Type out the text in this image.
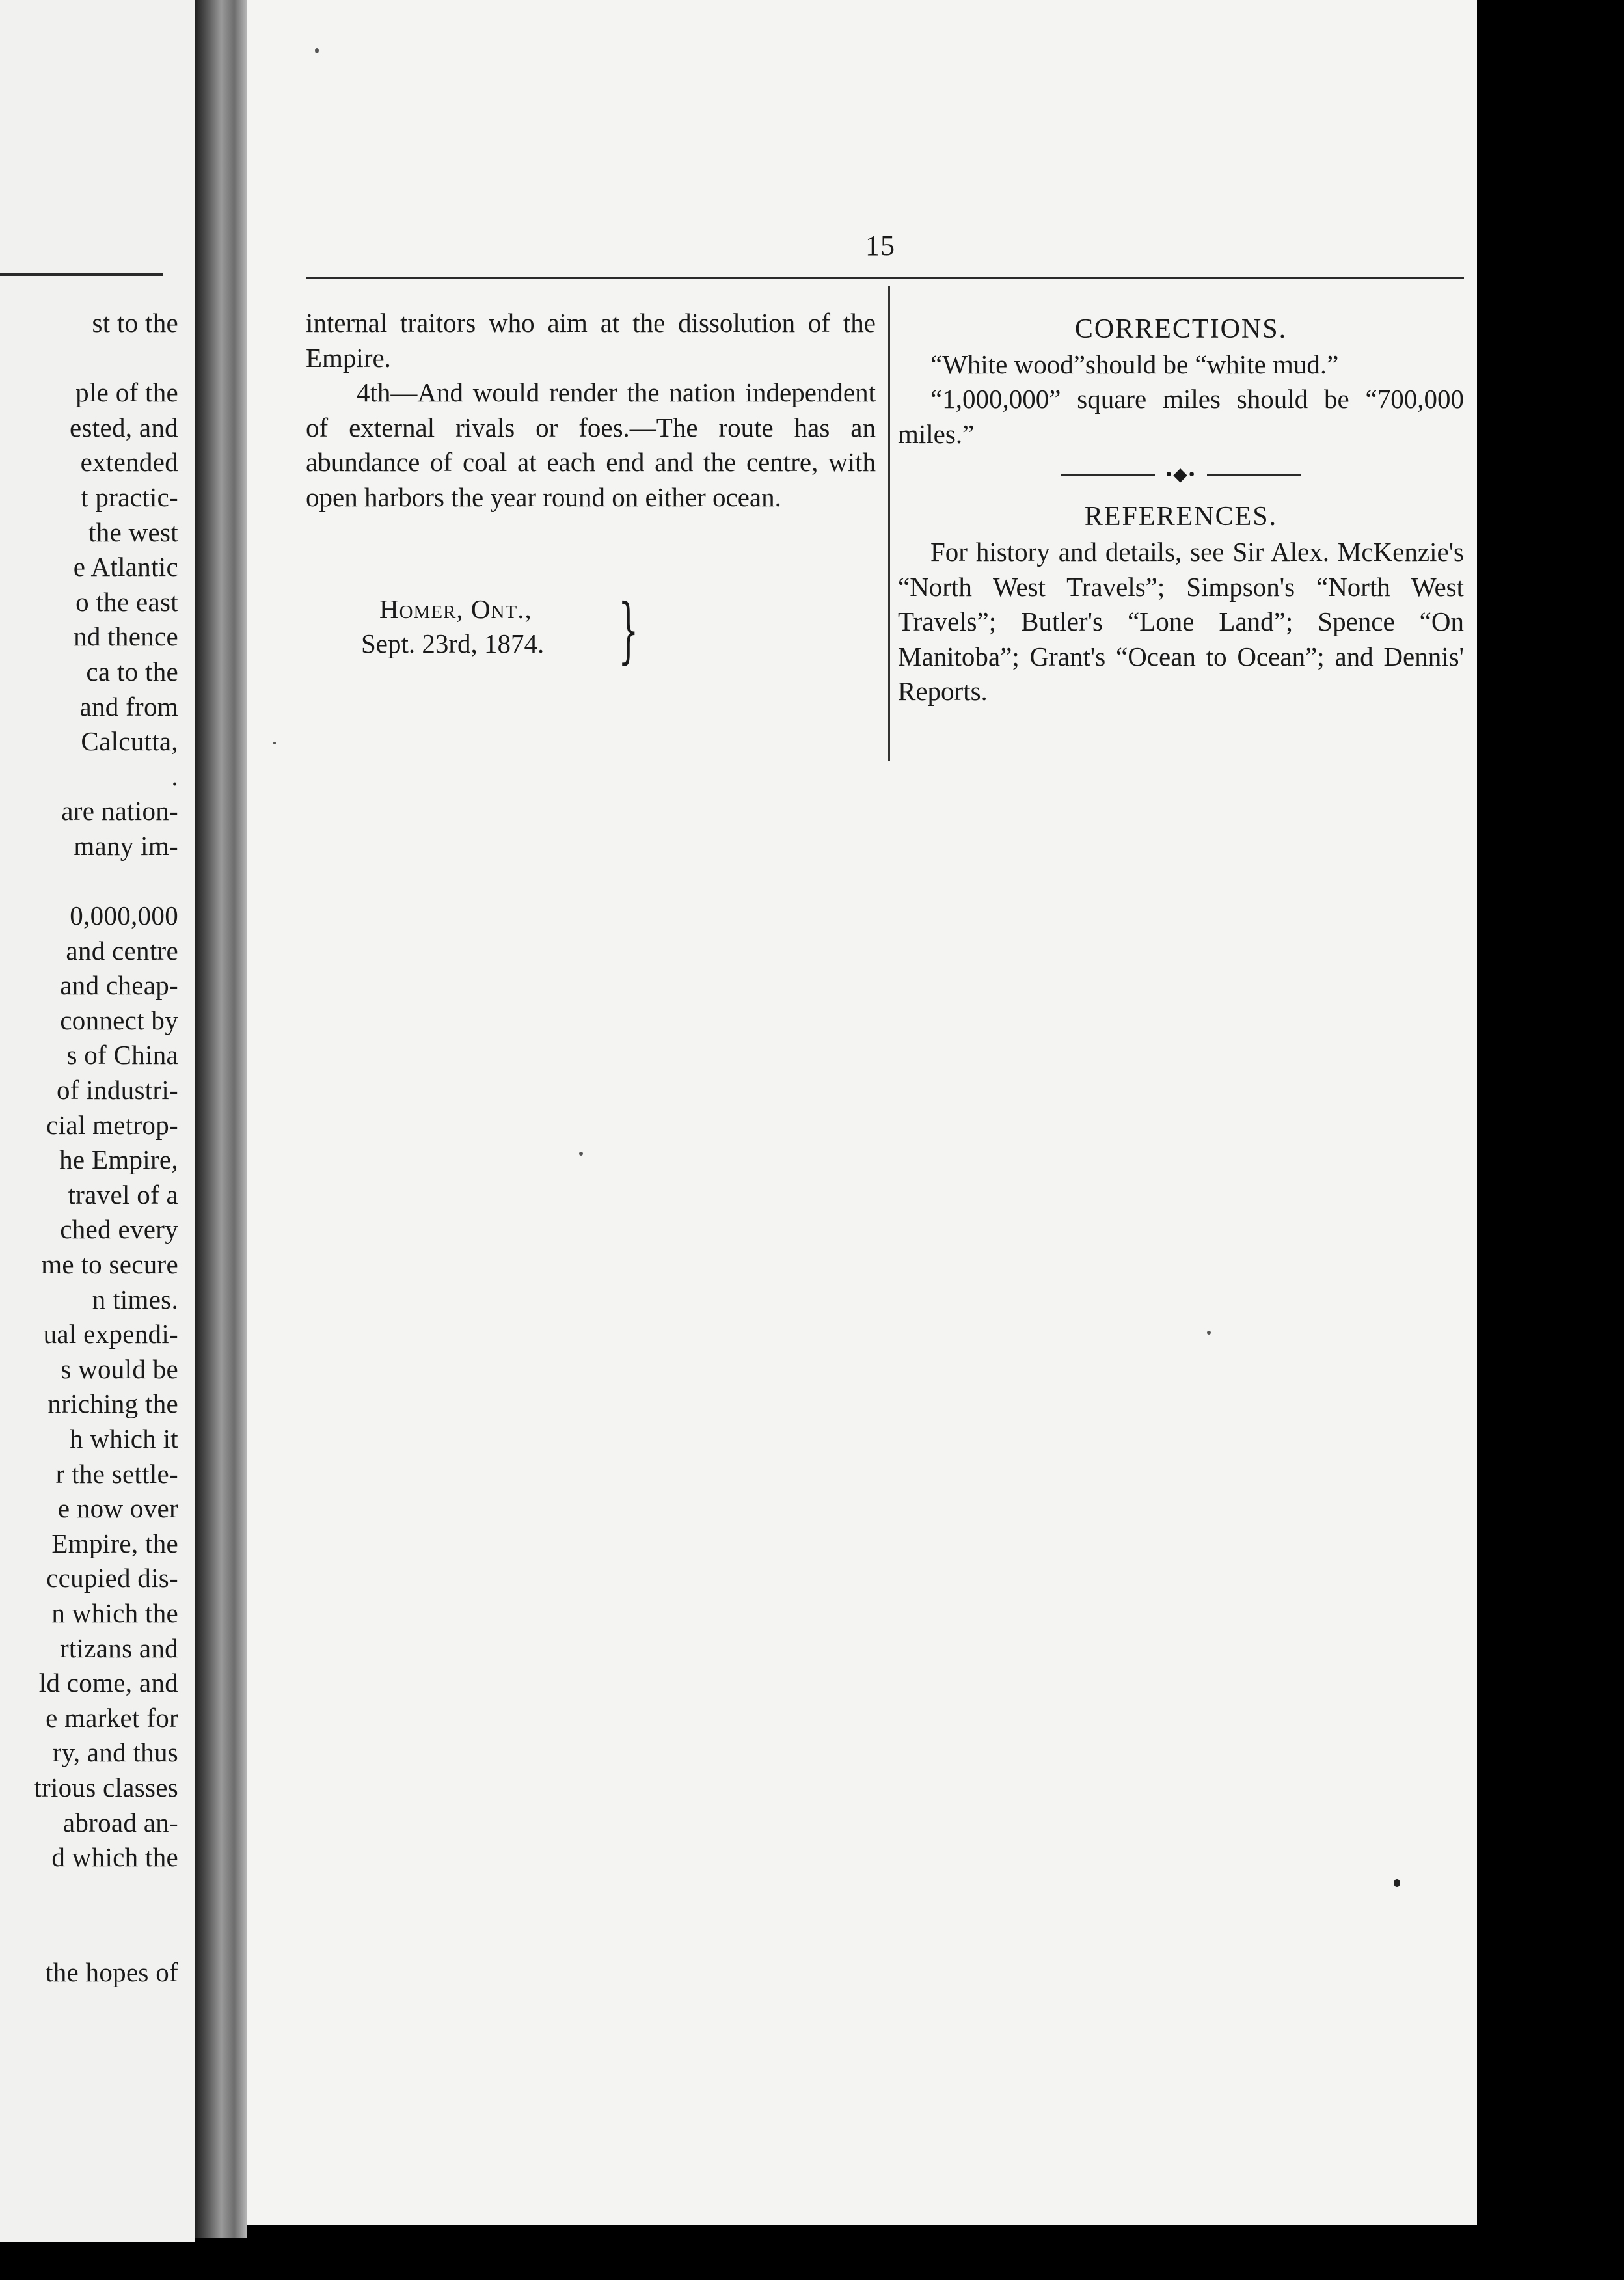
st to the
ple of the
ested, and
extended
t practic-
the west
e Atlantic
o the east
nd thence
ca to the
and from
Calcutta,
.
are nation-
many im-
0,000,000
and centre
and cheap-
connect by
s of China
of industri-
cial metrop-
he Empire,
travel of a
ched every
me to secure
n times.
ual expendi-
s would be
nriching the
h which it
r the settle-
e now over
Empire, the
ccupied dis-
n which the
rtizans and
ld come, and
e market for
ry, and thus
trious classes
abroad an-
d which the
the hopes of
15

internal traitors who aim at the dissolution of the Empire.

4th—And would render the nation independent of external rivals or foes.—The route has an abundance of coal at each end and the centre, with open harbors the year round on either ocean.

Homer, Ont.,
Sept. 23rd, 1874. }
CORRECTIONS.

“White wood”should be “white mud.”

“1,000,000” square miles should be “700,000 miles.”

•◆•
REFERENCES.

For history and details, see Sir Alex. McKenzie's “North West Travels”; Simpson's “North West Travels”; Butler's “Lone Land”; Spence “On Manitoba”; Grant's “Ocean to Ocean”; and Dennis' Reports.
